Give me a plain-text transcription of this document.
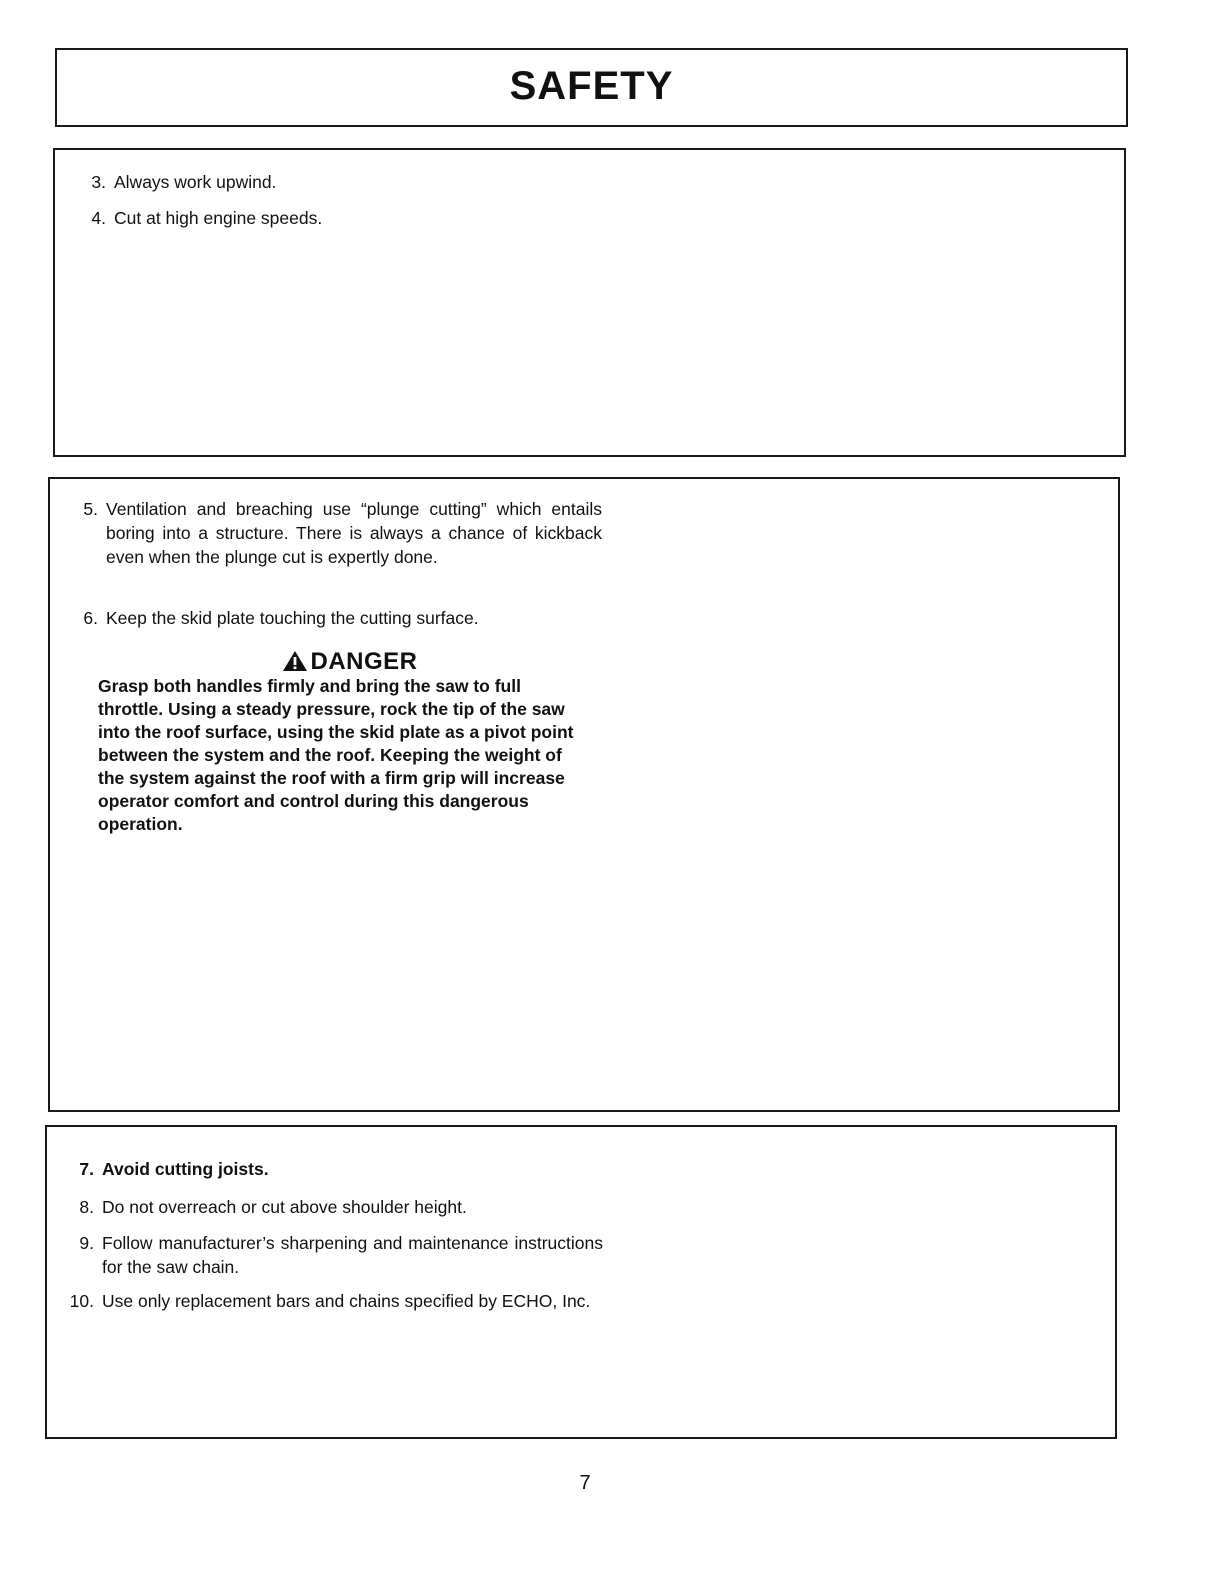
SAFETY
3. Always work upwind.
4. Cut at high engine speeds.
5. Ventilation and breaching use “plunge cutting” which entails boring into a structure. There is always a chance of kickback even when the plunge cut is expertly done.
6. Keep the skid plate touching the cutting surface.
DANGER
Grasp both handles firmly and bring the saw to full throttle. Using a steady pressure, rock the tip of the saw into the roof surface, using the skid plate as a pivot point between the system and the roof. Keeping the weight of the system against the roof with a firm grip will increase operator comfort and control during this dangerous operation.
7. Avoid cutting joists.
8. Do not overreach or cut above shoulder height.
9. Follow manufacturer’s sharpening and maintenance instructions for the saw chain.
10. Use only replacement bars and chains specified by ECHO, Inc.
7
